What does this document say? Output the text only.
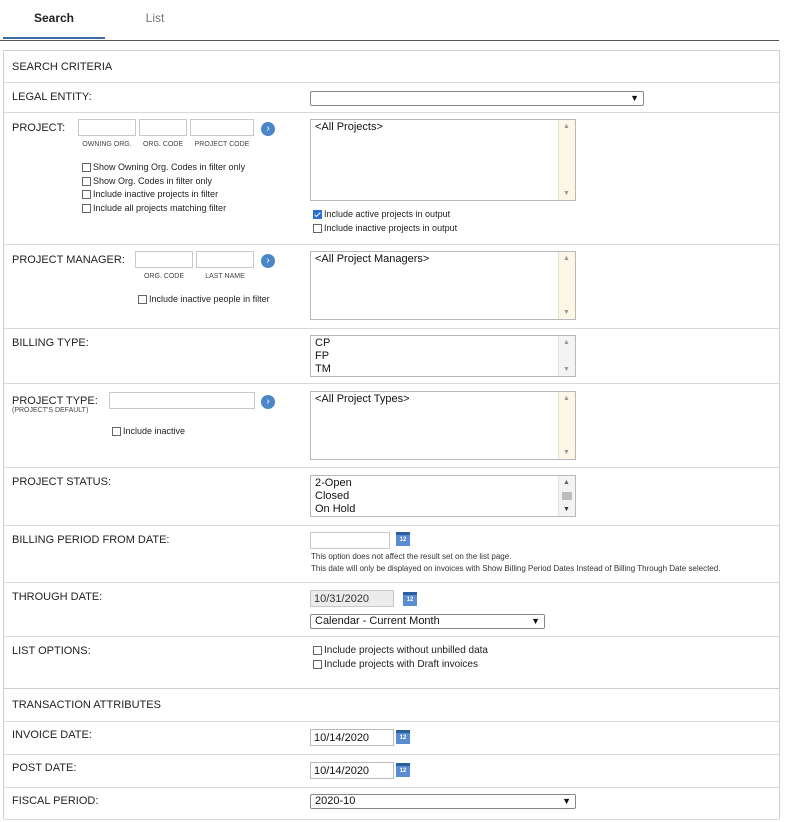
Search	List
SEARCH CRITERIA
LEGAL ENTITY:	▼
PROJECT:	›
OWNING ORG.	ORG. CODE	PROJECT CODE
Show Owning Org. Codes in filter only
Show Org. Codes in filter only
Include inactive projects in filter
Include all projects matching filter
<All Projects>	▲
▼
Include active projects in output
Include inactive projects in output
PROJECT MANAGER:	›
ORG. CODE	LAST NAME
Include inactive people in filter
<All Project Managers>	▲
▼
BILLING TYPE:	CP
FP
TM
▲
▼
PROJECT TYPE:
(PROJECT'S DEFAULT)
›
Include inactive
<All Project Types>	▲
▼
PROJECT STATUS:	2-Open
Closed
On Hold
▲
▼
BILLING PERIOD FROM DATE:	12
This option does not affect the result set on the list page.
This date will only be displayed on invoices with Show Billing Period Dates Instead of Billing Through Date selected.
THROUGH DATE:
10/31/2020	12
Calendar - Current Month	▼
LIST OPTIONS:	Include projects without unbilled data
Include projects with Draft invoices
TRANSACTION ATTRIBUTES
INVOICE DATE:
10/14/2020	12
POST DATE:
10/14/2020	12
FISCAL PERIOD:	2020-10	▼
